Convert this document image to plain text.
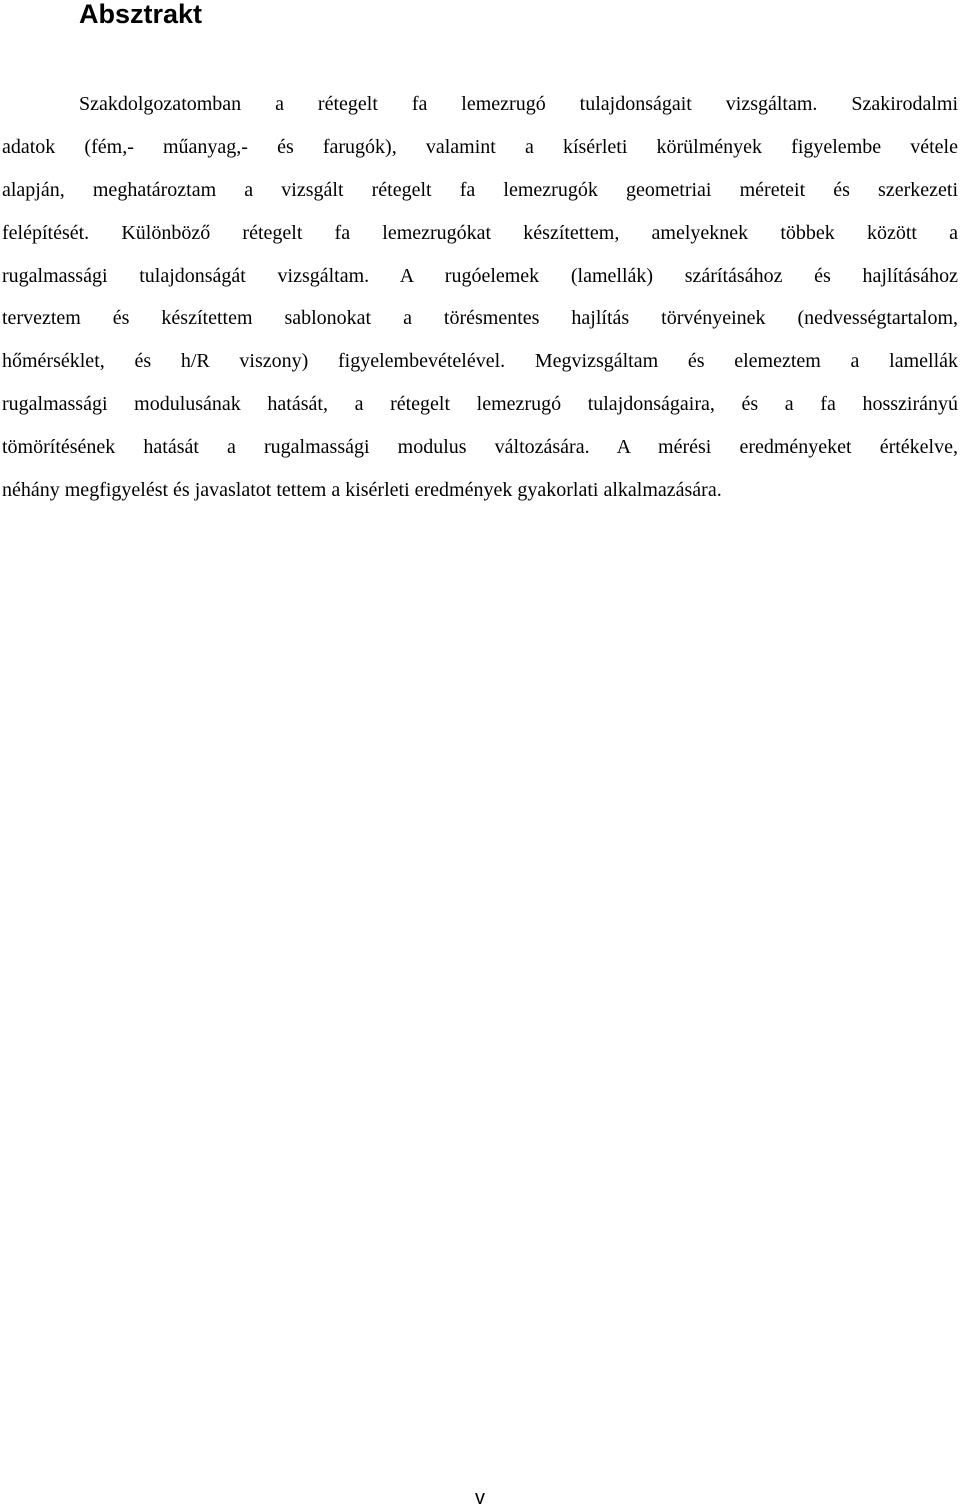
Absztrakt
Szakdolgozatomban a rétegelt fa lemezrugó tulajdonságait vizsgáltam. Szakirodalmi
adatok (fém,- műanyag,- és farugók), valamint a kísérleti körülmények figyelembe vétele
alapján, meghatároztam a vizsgált rétegelt fa lemezrugók geometriai méreteit és szerkezeti
felépítését. Különböző rétegelt fa lemezrugókat készítettem, amelyeknek többek között a
rugalmassági tulajdonságát vizsgáltam. A rugóelemek (lamellák) szárításához és hajlításához
terveztem és készítettem sablonokat a törésmentes hajlítás törvényeinek (nedvességtartalom,
hőmérséklet, és h/R viszony) figyelembevételével. Megvizsgáltam és elemeztem a lamellák
rugalmassági modulusának hatását, a rétegelt lemezrugó tulajdonságaira, és a fa hosszirányú
tömörítésének hatását a rugalmassági modulus változására. A mérési eredményeket értékelve,
néhány megfigyelést és javaslatot tettem a kisérleti eredmények gyakorlati alkalmazására.
v
